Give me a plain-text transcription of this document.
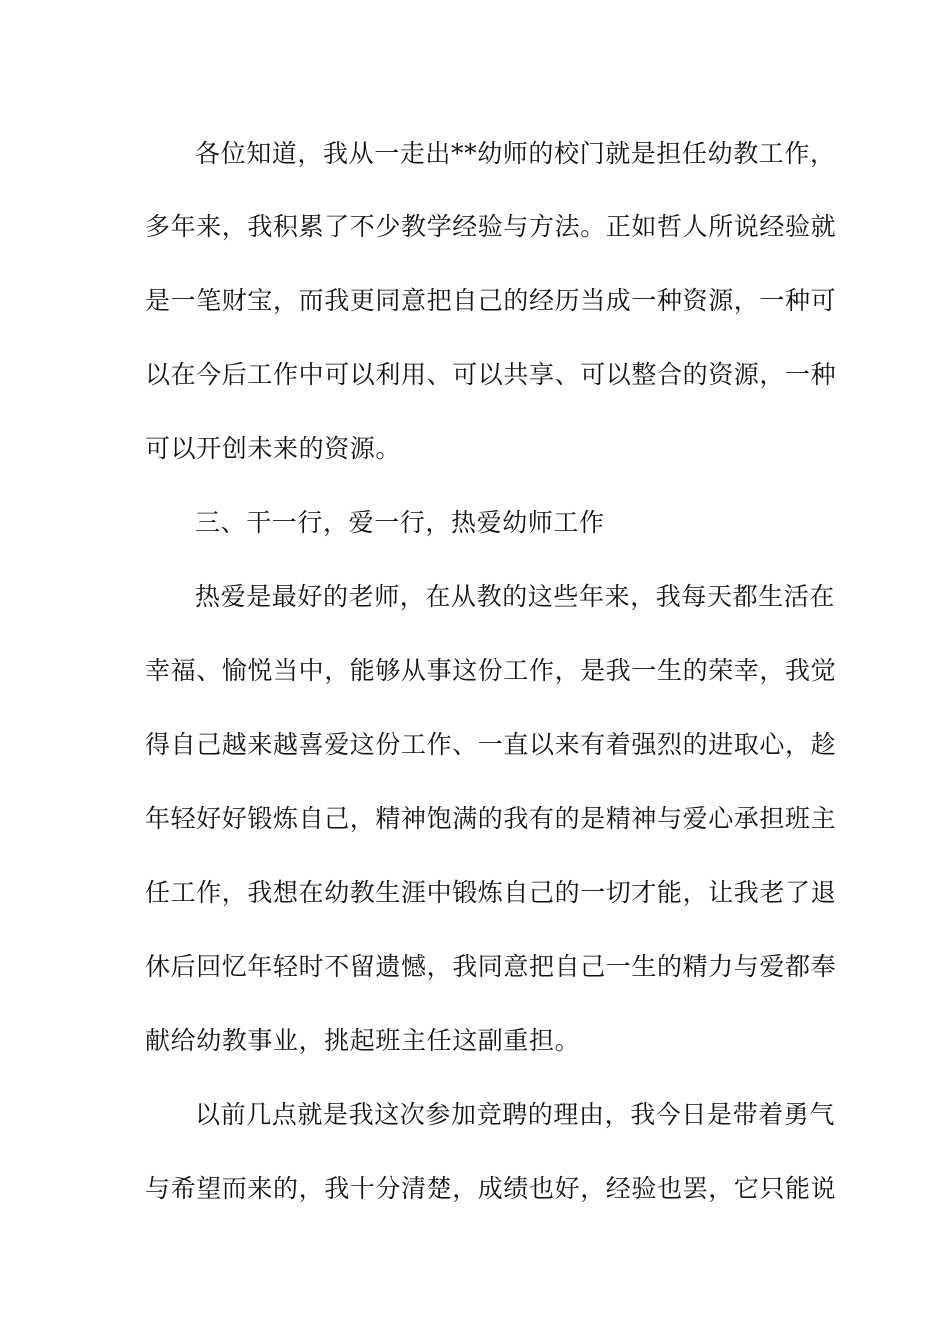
各位知道，我从一走出**幼师的校门就是担任幼教工作，
多年来，我积累了不少教学经验与方法。正如哲人所说经验就
是一笔财宝，而我更同意把自己的经历当成一种资源，一种可
以在今后工作中可以利用、可以共享、可以整合的资源，一种
可以开创未来的资源。
三、干一行，爱一行，热爱幼师工作
热爱是最好的老师，在从教的这些年来，我每天都生活在
幸福、愉悦当中，能够从事这份工作，是我一生的荣幸，我觉
得自己越来越喜爱这份工作、一直以来有着强烈的进取心，趁
年轻好好锻炼自己，精神饱满的我有的是精神与爱心承担班主
任工作，我想在幼教生涯中锻炼自己的一切才能，让我老了退
休后回忆年轻时不留遗憾，我同意把自己一生的精力与爱都奉
献给幼教事业，挑起班主任这副重担。
以前几点就是我这次参加竞聘的理由，我今日是带着勇气
与希望而来的，我十分清楚，成绩也好，经验也罢，它只能说
